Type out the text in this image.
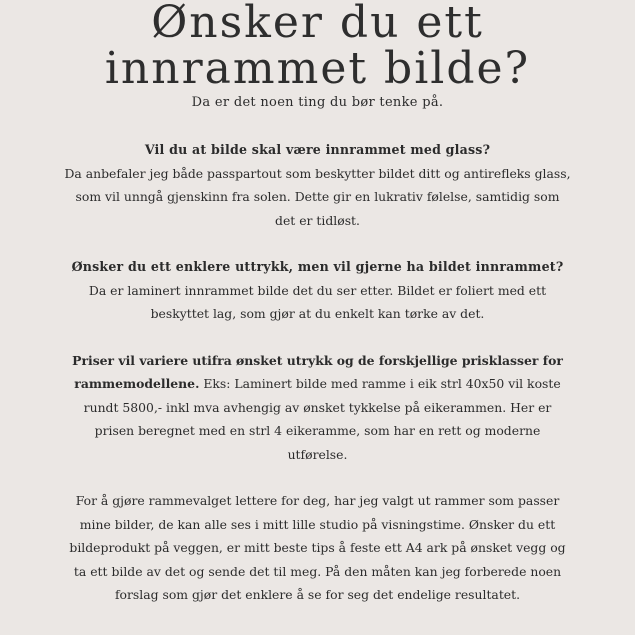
Ønsker du ett
innrammet bilde?
Da er det noen ting du bør tenke på.
Vil du at bilde skal være innrammet med glass?
Da anbefaler jeg både passpartout som beskytter bildet ditt og antirefleks glass,
som vil unngå gjenskinn fra solen. Dette gir en lukrativ følelse, samtidig som
det er tidløst.
Ønsker du ett enklere uttrykk, men vil gjerne ha bildet innrammet?
Da er laminert innrammet bilde det du ser etter. Bildet er foliert med ett
beskyttet lag, som gjør at du enkelt kan tørke av det.
Priser vil variere utifra ønsket utrykk og de forskjellige prisklasser for
rammemodellene. Eks: Laminert bilde med ramme i eik strl 40x50 vil koste
rundt 5800,- inkl mva avhengig av ønsket tykkelse på eikerammen. Her er
prisen beregnet med en strl 4 eikeramme, som har en rett og moderne
utførelse.
For å gjøre rammevalget lettere for deg, har jeg valgt ut rammer som passer
mine bilder, de kan alle ses i mitt lille studio på visningstime. Ønsker du ett
bildeprodukt på veggen, er mitt beste tips å feste ett A4 ark på ønsket vegg og
ta ett bilde av det og sende det til meg. På den måten kan jeg forberede noen
forslag som gjør det enklere å se for seg det endelige resultatet.
